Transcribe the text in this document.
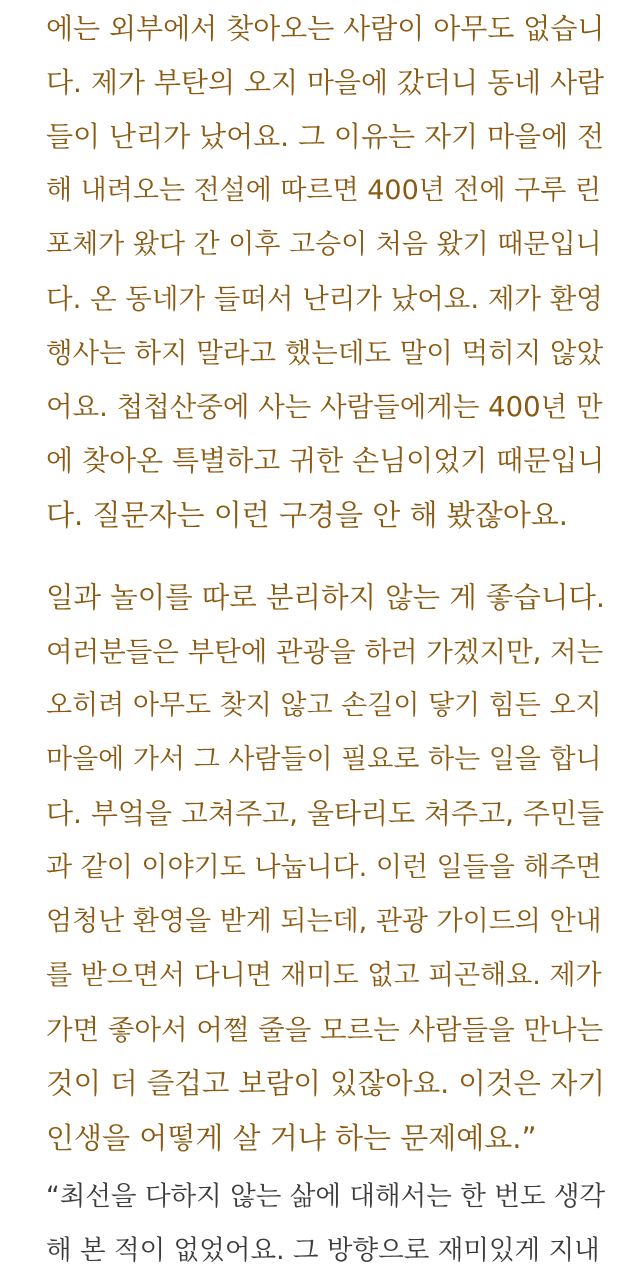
에는 외부에서 찾아오는 사람이 아무도 없습니
다. 제가 부탄의 오지 마을에 갔더니 동네 사람
들이 난리가 났어요. 그 이유는 자기 마을에 전
해 내려오는 전설에 따르면 400년 전에 구루 린
포체가 왔다 간 이후 고승이 처음 왔기 때문입니
다. 온 동네가 들떠서 난리가 났어요. 제가 환영
행사는 하지 말라고 했는데도 말이 먹히지 않았
어요. 첩첩산중에 사는 사람들에게는 400년 만
에 찾아온 특별하고 귀한 손님이었기 때문입니
다. 질문자는 이런 구경을 안 해 봤잖아요.
일과 놀이를 따로 분리하지 않는 게 좋습니다.
여러분들은 부탄에 관광을 하러 가겠지만, 저는
오히려 아무도 찾지 않고 손길이 닿기 힘든 오지
마을에 가서 그 사람들이 필요로 하는 일을 합니
다. 부엌을 고쳐주고, 울타리도 쳐주고, 주민들
과 같이 이야기도 나눕니다. 이런 일들을 해주면
엄청난 환영을 받게 되는데, 관광 가이드의 안내
를 받으면서 다니면 재미도 없고 피곤해요. 제가
가면 좋아서 어쩔 줄을 모르는 사람들을 만나는
것이 더 즐겁고 보람이 있잖아요. 이것은 자기
인생을 어떻게 살 거냐 하는 문제예요.”
“최선을 다하지 않는 삶에 대해서는 한 번도 생각
해 본 적이 없었어요. 그 방향으로 재미있게 지내
